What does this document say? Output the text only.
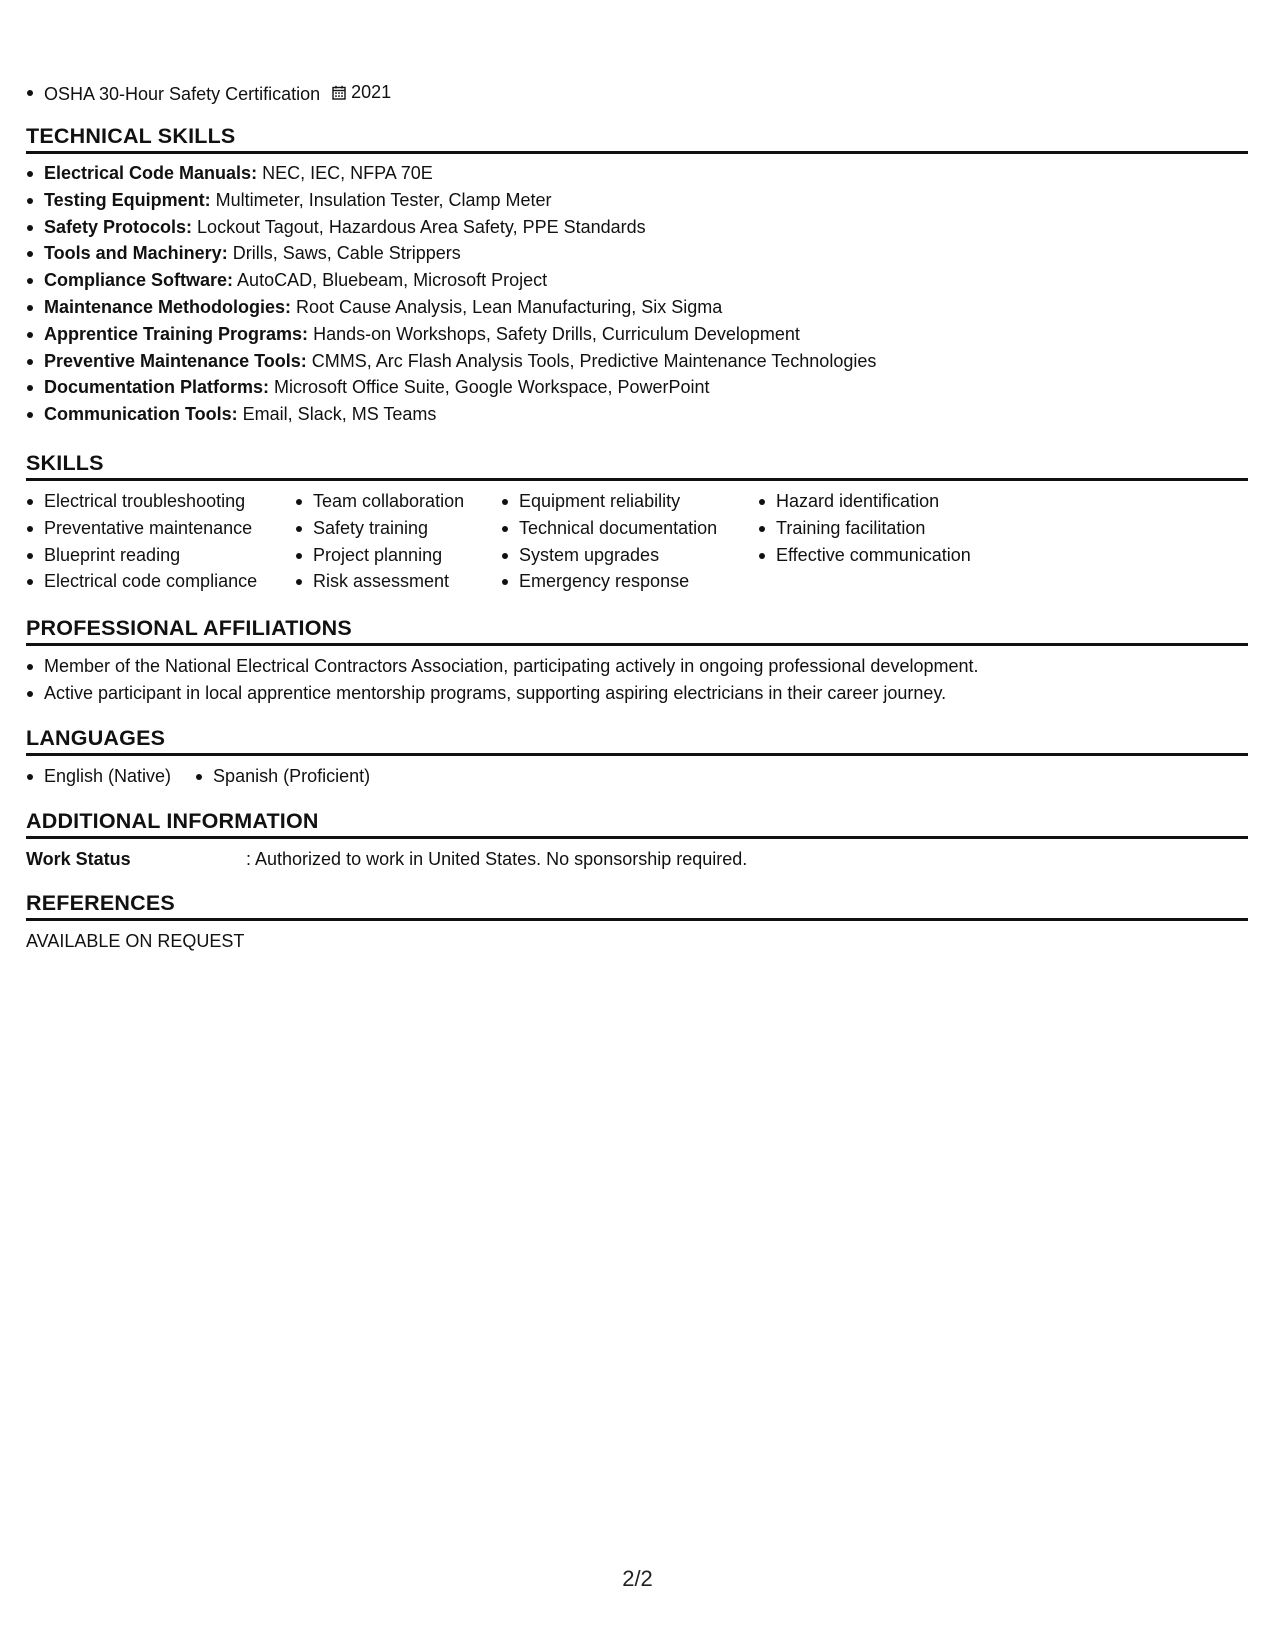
OSHA 30-Hour Safety Certification 2021
TECHNICAL SKILLS
Electrical Code Manuals: NEC, IEC, NFPA 70E
Testing Equipment: Multimeter, Insulation Tester, Clamp Meter
Safety Protocols: Lockout Tagout, Hazardous Area Safety, PPE Standards
Tools and Machinery: Drills, Saws, Cable Strippers
Compliance Software: AutoCAD, Bluebeam, Microsoft Project
Maintenance Methodologies: Root Cause Analysis, Lean Manufacturing, Six Sigma
Apprentice Training Programs: Hands-on Workshops, Safety Drills, Curriculum Development
Preventive Maintenance Tools: CMMS, Arc Flash Analysis Tools, Predictive Maintenance Technologies
Documentation Platforms: Microsoft Office Suite, Google Workspace, PowerPoint
Communication Tools: Email, Slack, MS Teams
SKILLS
Electrical troubleshooting
Preventative maintenance
Blueprint reading
Electrical code compliance
Team collaboration
Safety training
Project planning
Risk assessment
Equipment reliability
Technical documentation
System upgrades
Emergency response
Hazard identification
Training facilitation
Effective communication
PROFESSIONAL AFFILIATIONS
Member of the National Electrical Contractors Association, participating actively in ongoing professional development.
Active participant in local apprentice mentorship programs, supporting aspiring electricians in their career journey.
LANGUAGES
English (Native)	Spanish (Proficient)
ADDITIONAL INFORMATION
Work Status	: Authorized to work in United States. No sponsorship required.
REFERENCES
AVAILABLE ON REQUEST
2/2
